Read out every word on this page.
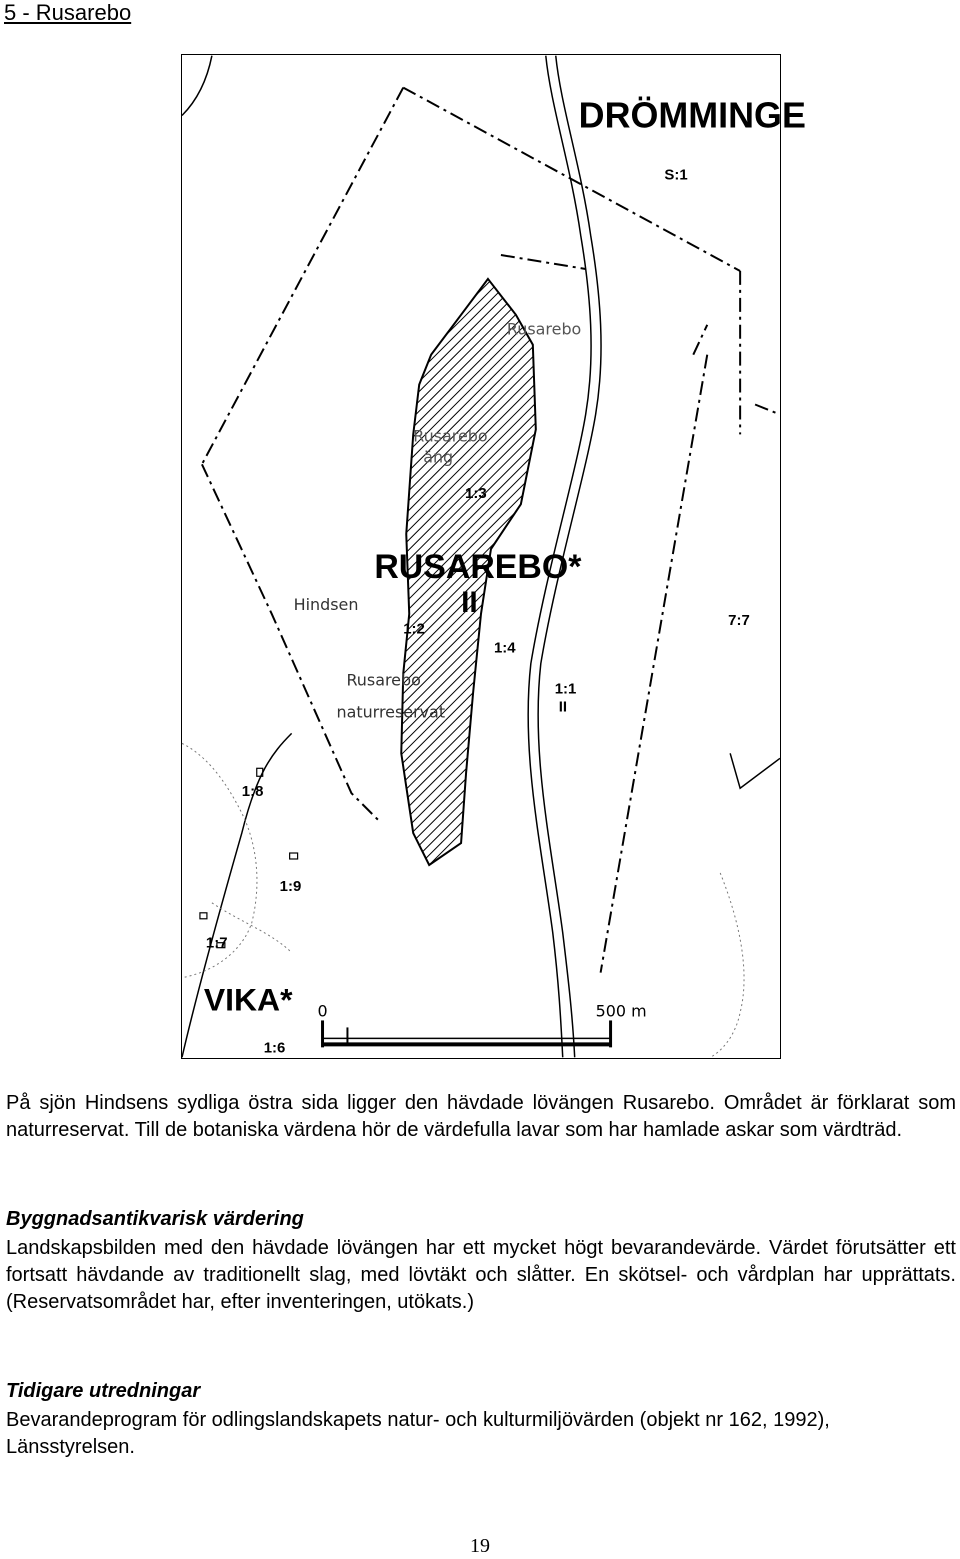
5 - Rusarebo
DRÖMMINGE
S:1
Rusarebo
Rusarebo
äng
1:3
RUSAREBO*
II
Hindsen
1:2
1:4
7:7
Rusarebo
naturreservat
1:1
II
1:8
1:9
1:7
VIKA*
1:6
0	500 m

På sjön Hindsens sydliga östra sida ligger den hävdade lövängen Rusarebo. Området är förklarat som naturreservat. Till de botaniska värdena hör de värdefulla lavar som har hamlade askar som värdträd.

Byggnadsantikvarisk värdering

Landskapsbilden med den hävdade lövängen har ett mycket högt bevarandevärde. Värdet förutsätter ett fortsatt hävdande av traditionellt slag, med lövtäkt och slåtter. En skötsel- och vårdplan har upprättats. (Reservatsområdet har, efter inventeringen, utökats.)

Tidigare utredningar

Bevarandeprogram för odlingslandskapets natur- och kulturmiljövärden (objekt nr 162, 1992), Länsstyrelsen.

19
